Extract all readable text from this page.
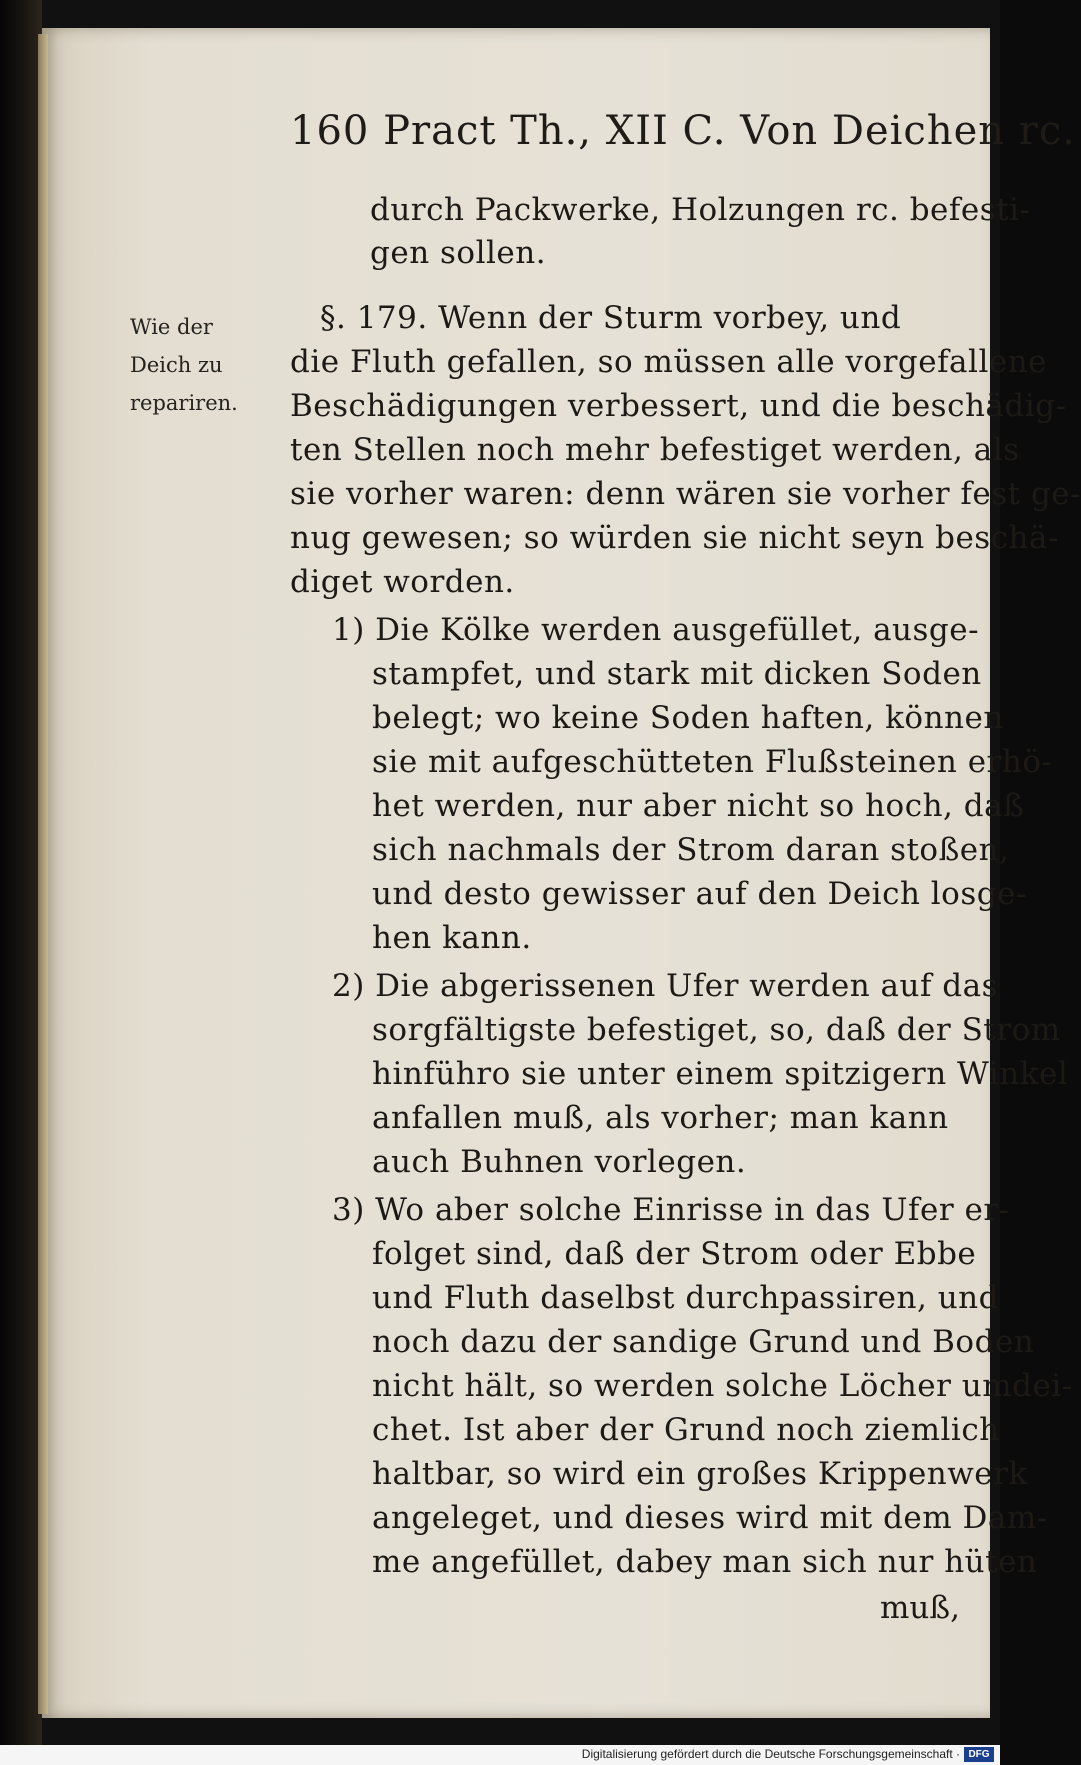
160 Pract Th., XII C. Von Deichen rc.
Wie der
Deich zu
repariren.
durch Packwerke, Holzungen rc. befesti-
gen sollen.
§. 179. Wenn der Sturm vorbey, und
die Fluth gefallen, so müssen alle vorgefallene
Beschädigungen verbessert, und die beschädig-
ten Stellen noch mehr befestiget werden, als
sie vorher waren: denn wären sie vorher fest ge-
nug gewesen; so würden sie nicht seyn beschä-
diget worden.
1) Die Kölke werden ausgefüllet, ausge-
stampfet, und stark mit dicken Soden
belegt; wo keine Soden haften, können
sie mit aufgeschütteten Flußsteinen erhö-
het werden, nur aber nicht so hoch, daß
sich nachmals der Strom daran stoßen,
und desto gewisser auf den Deich losge-
hen kann.
2) Die abgerissenen Ufer werden auf das
sorgfältigste befestiget, so, daß der Strom
hinführo sie unter einem spitzigern Winkel
anfallen muß, als vorher; man kann
auch Buhnen vorlegen.
3) Wo aber solche Einrisse in das Ufer er-
folget sind, daß der Strom oder Ebbe
und Fluth daselbst durchpassiren, und
noch dazu der sandige Grund und Boden
nicht hält, so werden solche Löcher umdei-
chet. Ist aber der Grund noch ziemlich
haltbar, so wird ein großes Krippenwerk
angeleget, und dieses wird mit dem Dam-
me angefüllet, dabey man sich nur hüten
muß,
Digitalisierung gefördert durch die Deutsche Forschungsgemeinschaft · DFG
